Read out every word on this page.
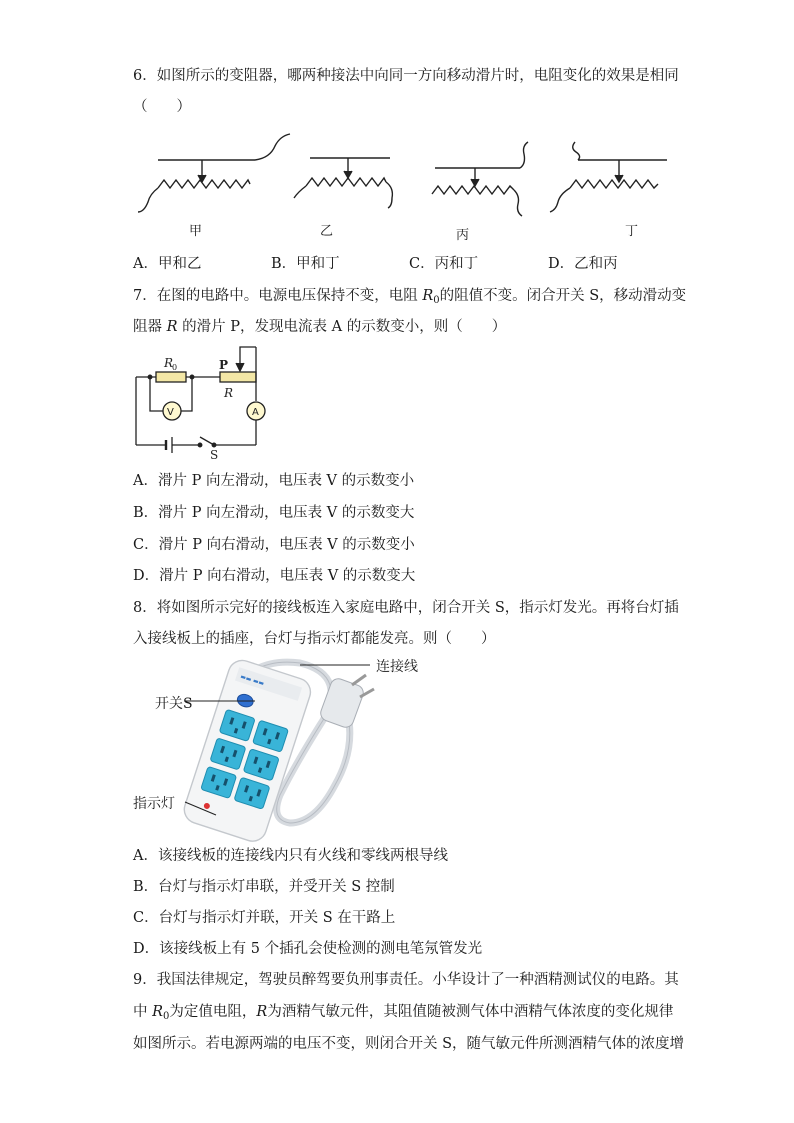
6．如图所示的变阻器，哪两种接法中向同一方向移动滑片时，电阻变化的效果是相同
（　　）
甲	乙	丙	丁
A．甲和乙	B．甲和丁	C．丙和丁	D．乙和丙
7．在图的电路中。电源电压保持不变，电阻 $R_0$的阻值不变。闭合开关 S，移动滑动变
阻器 R 的滑片 P，发现电流表 A 的示数变小，则（　　）
R
0	P
R
V	A
S
A．滑片 P 向左滑动，电压表 V 的示数变小
B．滑片 P 向左滑动，电压表 V 的示数变大
C．滑片 P 向右滑动，电压表 V 的示数变小
D．滑片 P 向右滑动，电压表 V 的示数变大
8．将如图所示完好的接线板连入家庭电路中，闭合开关 S，指示灯发光。再将台灯插
入接线板上的插座，台灯与指示灯都能发亮。则（　　）
▬▬ ▬▬
连接线
开关S
指示灯
A．该接线板的连接线内只有火线和零线两根导线
B．台灯与指示灯串联，并受开关 S 控制
C．台灯与指示灯并联，开关 S 在干路上
D．该接线板上有 5 个插孔会使检测的测电笔氖管发光
9．我国法律规定，驾驶员醉驾要负刑事责任。小华设计了一种酒精测试仪的电路。其
中 $R_0$为定值电阻，R为酒精气敏元件，其阻值随被测气体中酒精气体浓度的变化规律
如图所示。若电源两端的电压不变，则闭合开关 S，随气敏元件所测酒精气体的浓度增
